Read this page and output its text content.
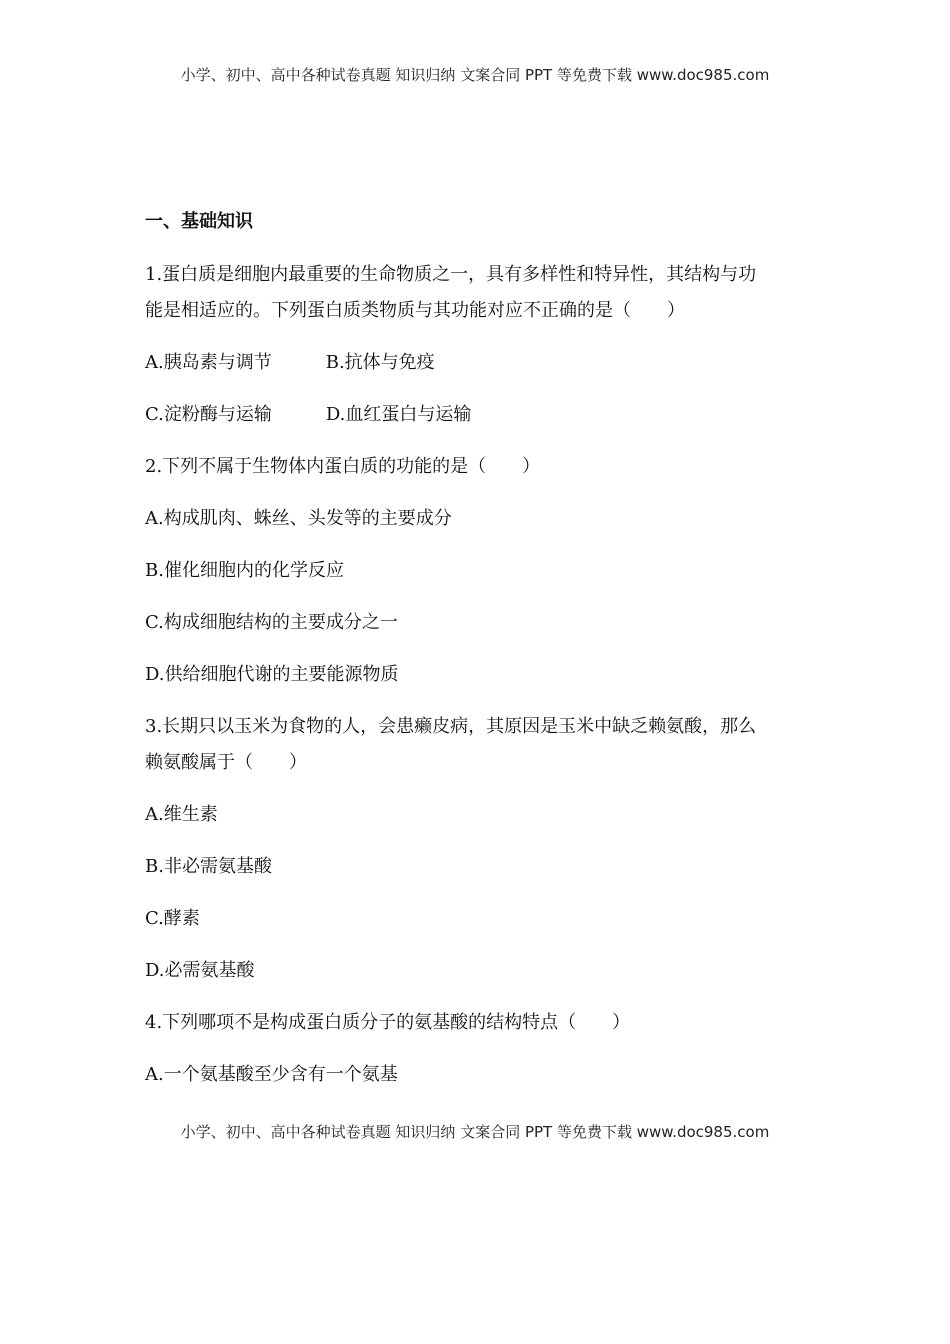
小学、初中、高中各种试卷真题 知识归纳 文案合同 PPT 等免费下载 www.doc985.com
一、基础知识
1.蛋白质是细胞内最重要的生命物质之一，具有多样性和特异性，其结构与功
能是相适应的。下列蛋白质类物质与其功能对应不正确的是（　　）
A.胰岛素与调节　　　B.抗体与免疫
C.淀粉酶与运输　　　D.血红蛋白与运输
2.下列不属于生物体内蛋白质的功能的是（　　）
A.构成肌肉、蛛丝、头发等的主要成分
B.催化细胞内的化学反应
C.构成细胞结构的主要成分之一
D.供给细胞代谢的主要能源物质
3.长期只以玉米为食物的人，会患癞皮病，其原因是玉米中缺乏赖氨酸，那么
赖氨酸属于（　　）
A.维生素
B.非必需氨基酸
C.酵素
D.必需氨基酸
4.下列哪项不是构成蛋白质分子的氨基酸的结构特点（　　）
A.一个氨基酸至少含有一个氨基
小学、初中、高中各种试卷真题 知识归纳 文案合同 PPT 等免费下载 www.doc985.com
